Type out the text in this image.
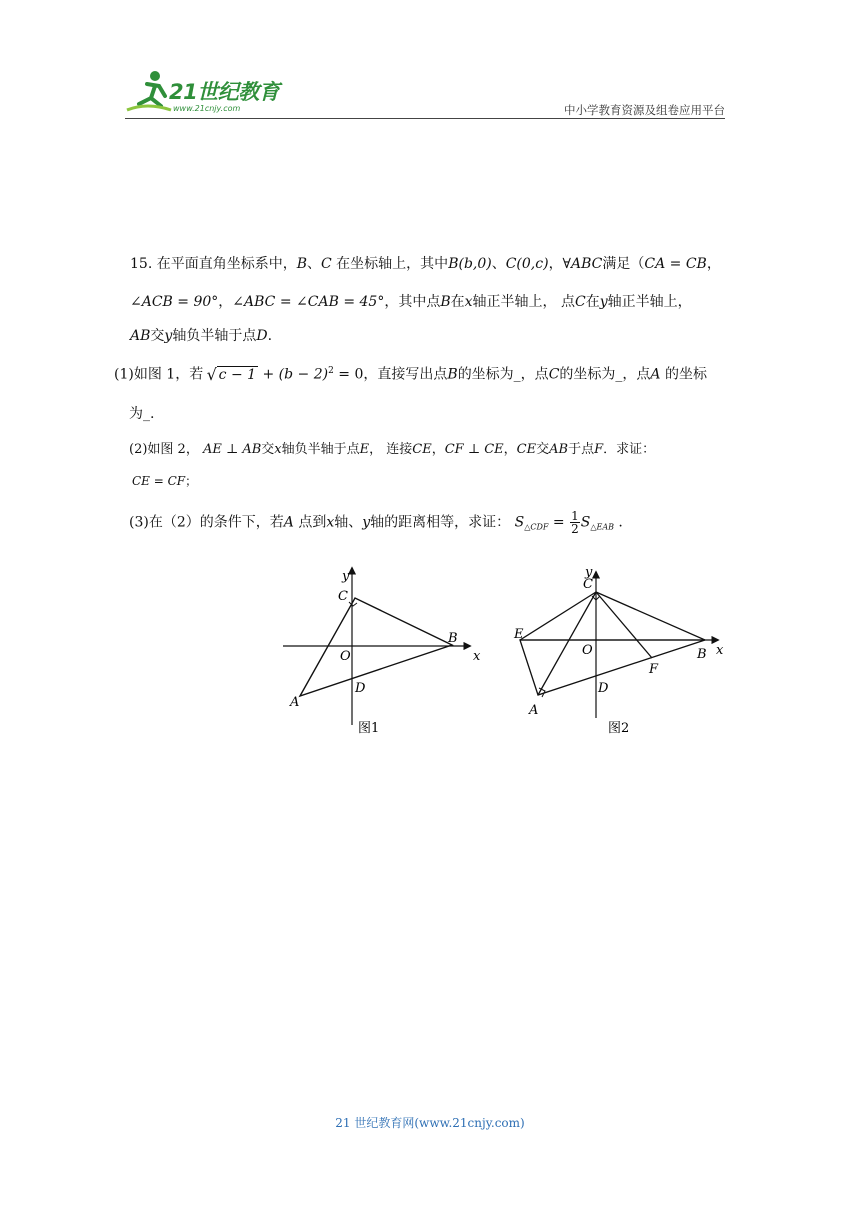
21世纪教育
www.21cnjy.com	中小学教育资源及组卷应用平台
15. 在平面直角坐标系中，B、C 在坐标轴上，其中B(b,0)、C(0,c)，∀ABC满足（CA = CB，
∠ACB = 90°，∠ABC = ∠CAB = 45°，其中点B在x轴正半轴上， 点C在y轴正半轴上，
AB交y轴负半轴于点D.
(1)如图 1，若 √ $c - 1 + (b - 2)^2 = 0$，直接写出点B的坐标为_，点C的坐标为_，点A 的坐标
为_.
(2)如图 2， AE ⊥ AB交x轴负半轴于点E， 连接CE，CF ⊥ CE，CE交AB于点F．求证：
CE = CF；
(3)在（2）的条件下，若A 点到x轴、y轴的距离相等，求证： $S_{\triangle CDF} = \frac{1}{2} S_{\triangle EAB}$ .
y
x
C
B
O
D
A
图1
y
x
C
B
O
D
A
E
F
图2
21 世纪教育网(www.21cnjy.com)
